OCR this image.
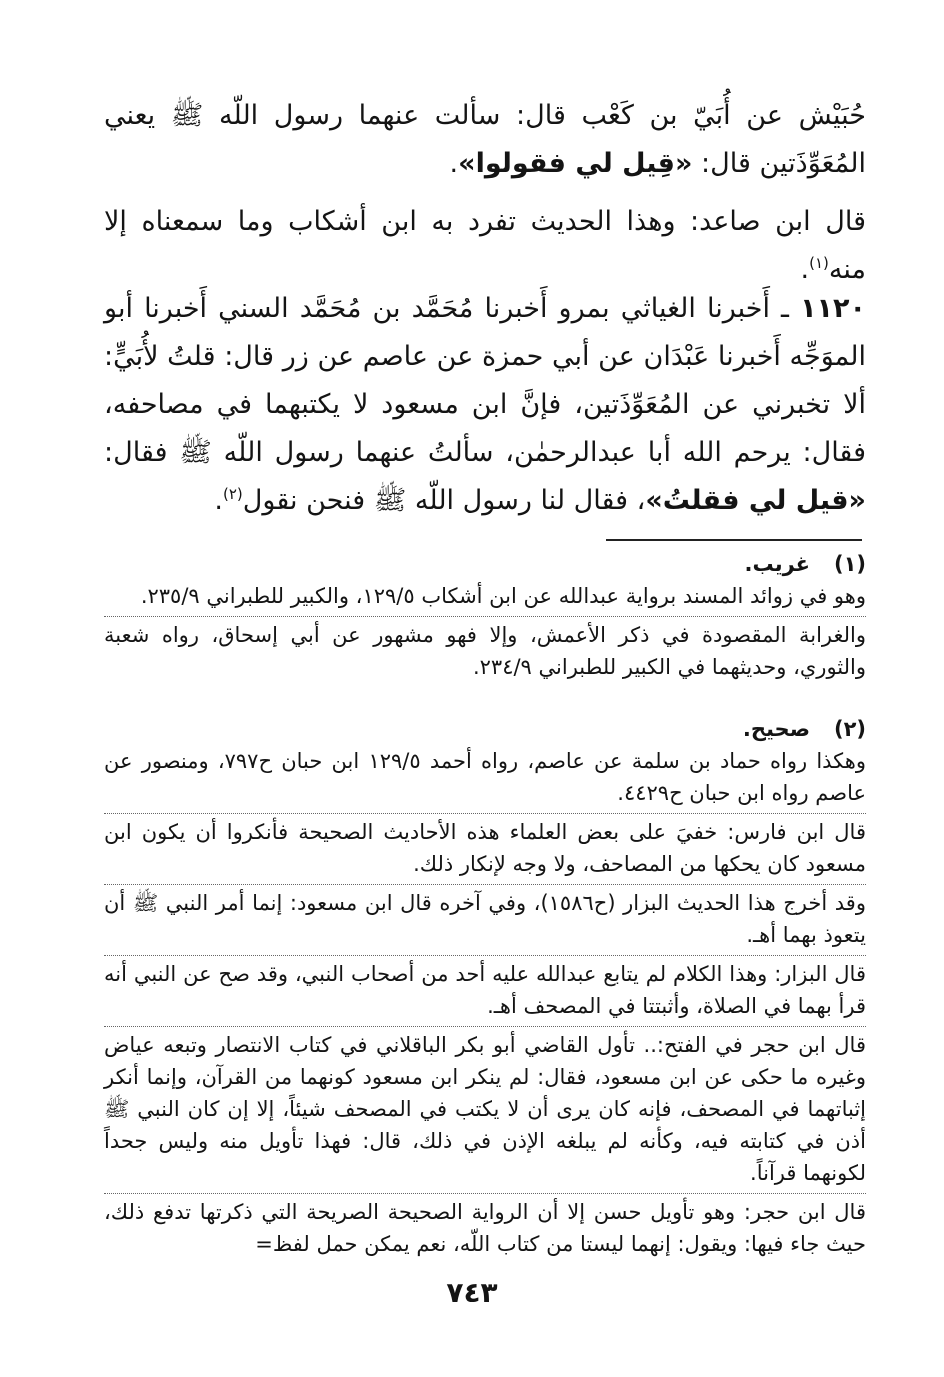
حُبَيْش عن أُبَيّ بن كَعْب قال: سألت عنهما رسول اللّه ﷺ يعني المُعَوِّذَتين قال: «قِيل لي فقولوا».

قال ابن صاعد: وهذا الحديث تفرد به ابن أشكاب وما سمعناه إلا منه$^{(١)}$.

١١٢٠ ـ أَخبرنا الغياثي بمرو أَخبرنا مُحَمَّد بن مُحَمَّد السني أَخبرنا أبو الموَجِّه أَخبرنا عَبْدَان عن أبي حمزة عن عاصم عن زر قال: قلتُ لأُبَيٍّ: ألا تخبرني عن المُعَوِّذَتين، فإنَّ ابن مسعود لا يكتبهما في مصاحفه، فقال: يرحم الله أبا عبدالرحمٰن، سألتُ عنهما رسول اللّه ﷺ فقال: «قيل لي فقلتُ»، فقال لنا رسول اللّه ﷺ فنحن نقول$^{(٢)}$.

(١)
غريب.

وهو في زوائد المسند برواية عبدالله عن ابن أشكاب ١٢٩/٥، والكبير للطبراني ٢٣٥/٩.

والغرابة المقصودة في ذكر الأعمش، وإلا فهو مشهور عن أبي إسحاق، رواه شعبة والثوري، وحديثهما في الكبير للطبراني ٢٣٤/٩.

(٢)
صحيح.

وهكذا رواه حماد بن سلمة عن عاصم، رواه أحمد ١٢٩/٥ ابن حبان ح٧٩٧، ومنصور عن عاصم رواه ابن حبان ح٤٤٢٩.

قال ابن فارس: خفيَ على بعض العلماء هذه الأحاديث الصحيحة فأنكروا أن يكون ابن مسعود كان يحكها من المصاحف، ولا وجه لإنكار ذلك.

وقد أخرج هذا الحديث البزار (ح١٥٨٦)، وفي آخره قال ابن مسعود: إنما أمر النبي ﷺ أن يتعوذ بهما أهـ.

قال البزار: وهذا الكلام لم يتابع عبدالله عليه أحد من أصحاب النبي، وقد صح عن النبي أنه قرأ بهما في الصلاة، وأثبتتا في المصحف أهـ.

قال ابن حجر في الفتح:.. تأول القاضي أبو بكر الباقلاني في كتاب الانتصار وتبعه عياض وغيره ما حكى عن ابن مسعود، فقال: لم ينكر ابن مسعود كونهما من القرآن، وإنما أنكر إثباتهما في المصحف، فإنه كان يرى أن لا يكتب في المصحف شيئاً، إلا إن كان النبي ﷺ أذن في كتابته فيه، وكأنه لم يبلغه الإذن في ذلك، قال: فهذا تأويل منه وليس جحداً لكونهما قرآناً.

قال ابن حجر: وهو تأويل حسن إلا أن الرواية الصحيحة الصريحة التي ذكرتها تدفع ذلك، حيث جاء فيها: ويقول: إنهما ليستا من كتاب اللّه، نعم يمكن حمل لفظ=

٧٤٣
